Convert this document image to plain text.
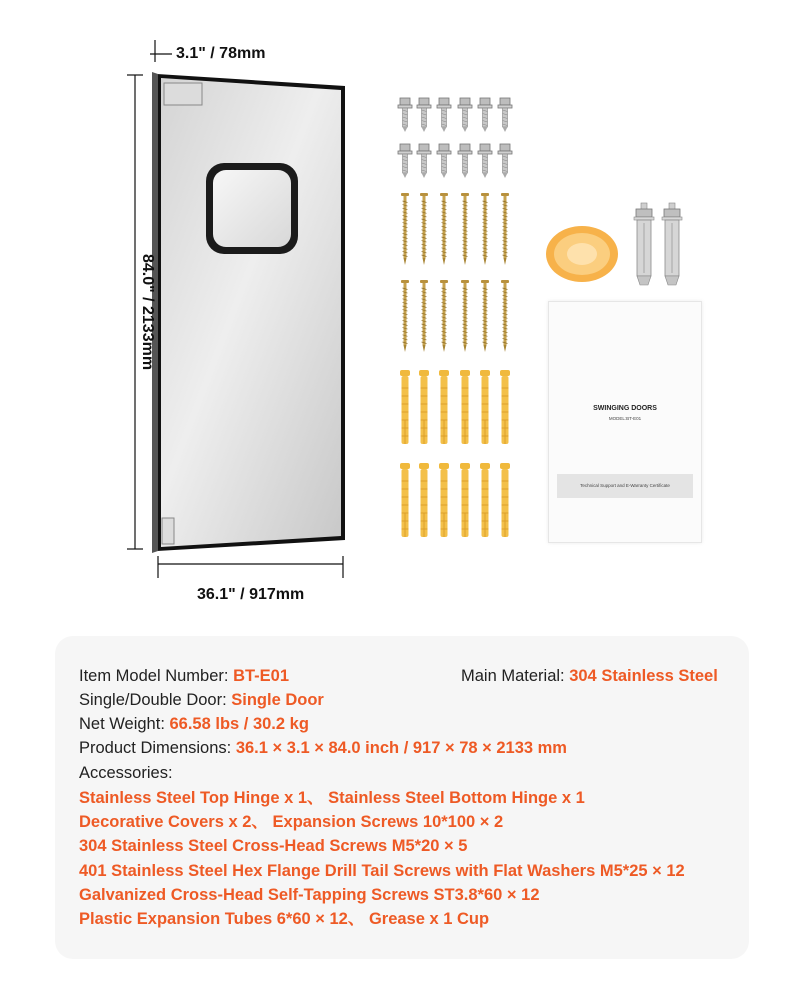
3.1" / 78mm
84.0" / 2133mm
36.1" / 917mm
SWINGING DOORS
MODEL:BT-E01
Technical Support and E-Warranty Certificate
Item Model Number: BT-E01	Main Material: 304 Stainless Steel
Single/Double Door: Single Door
Net Weight: 66.58 lbs / 30.2 kg
Product Dimensions: 36.1 × 3.1 × 84.0 inch / 917 × 78 × 2133 mm
Accessories:
Stainless Steel Top Hinge x 1、 Stainless Steel Bottom Hinge x 1
Decorative Covers x 2、 Expansion Screws 10*100 × 2
304 Stainless Steel Cross-Head Screws M5*20 × 5
401 Stainless Steel Hex Flange Drill Tail Screws with Flat Washers M5*25 × 12
Galvanized Cross-Head Self-Tapping Screws ST3.8*60 × 12
Plastic Expansion Tubes 6*60 × 12、 Grease x 1 Cup
